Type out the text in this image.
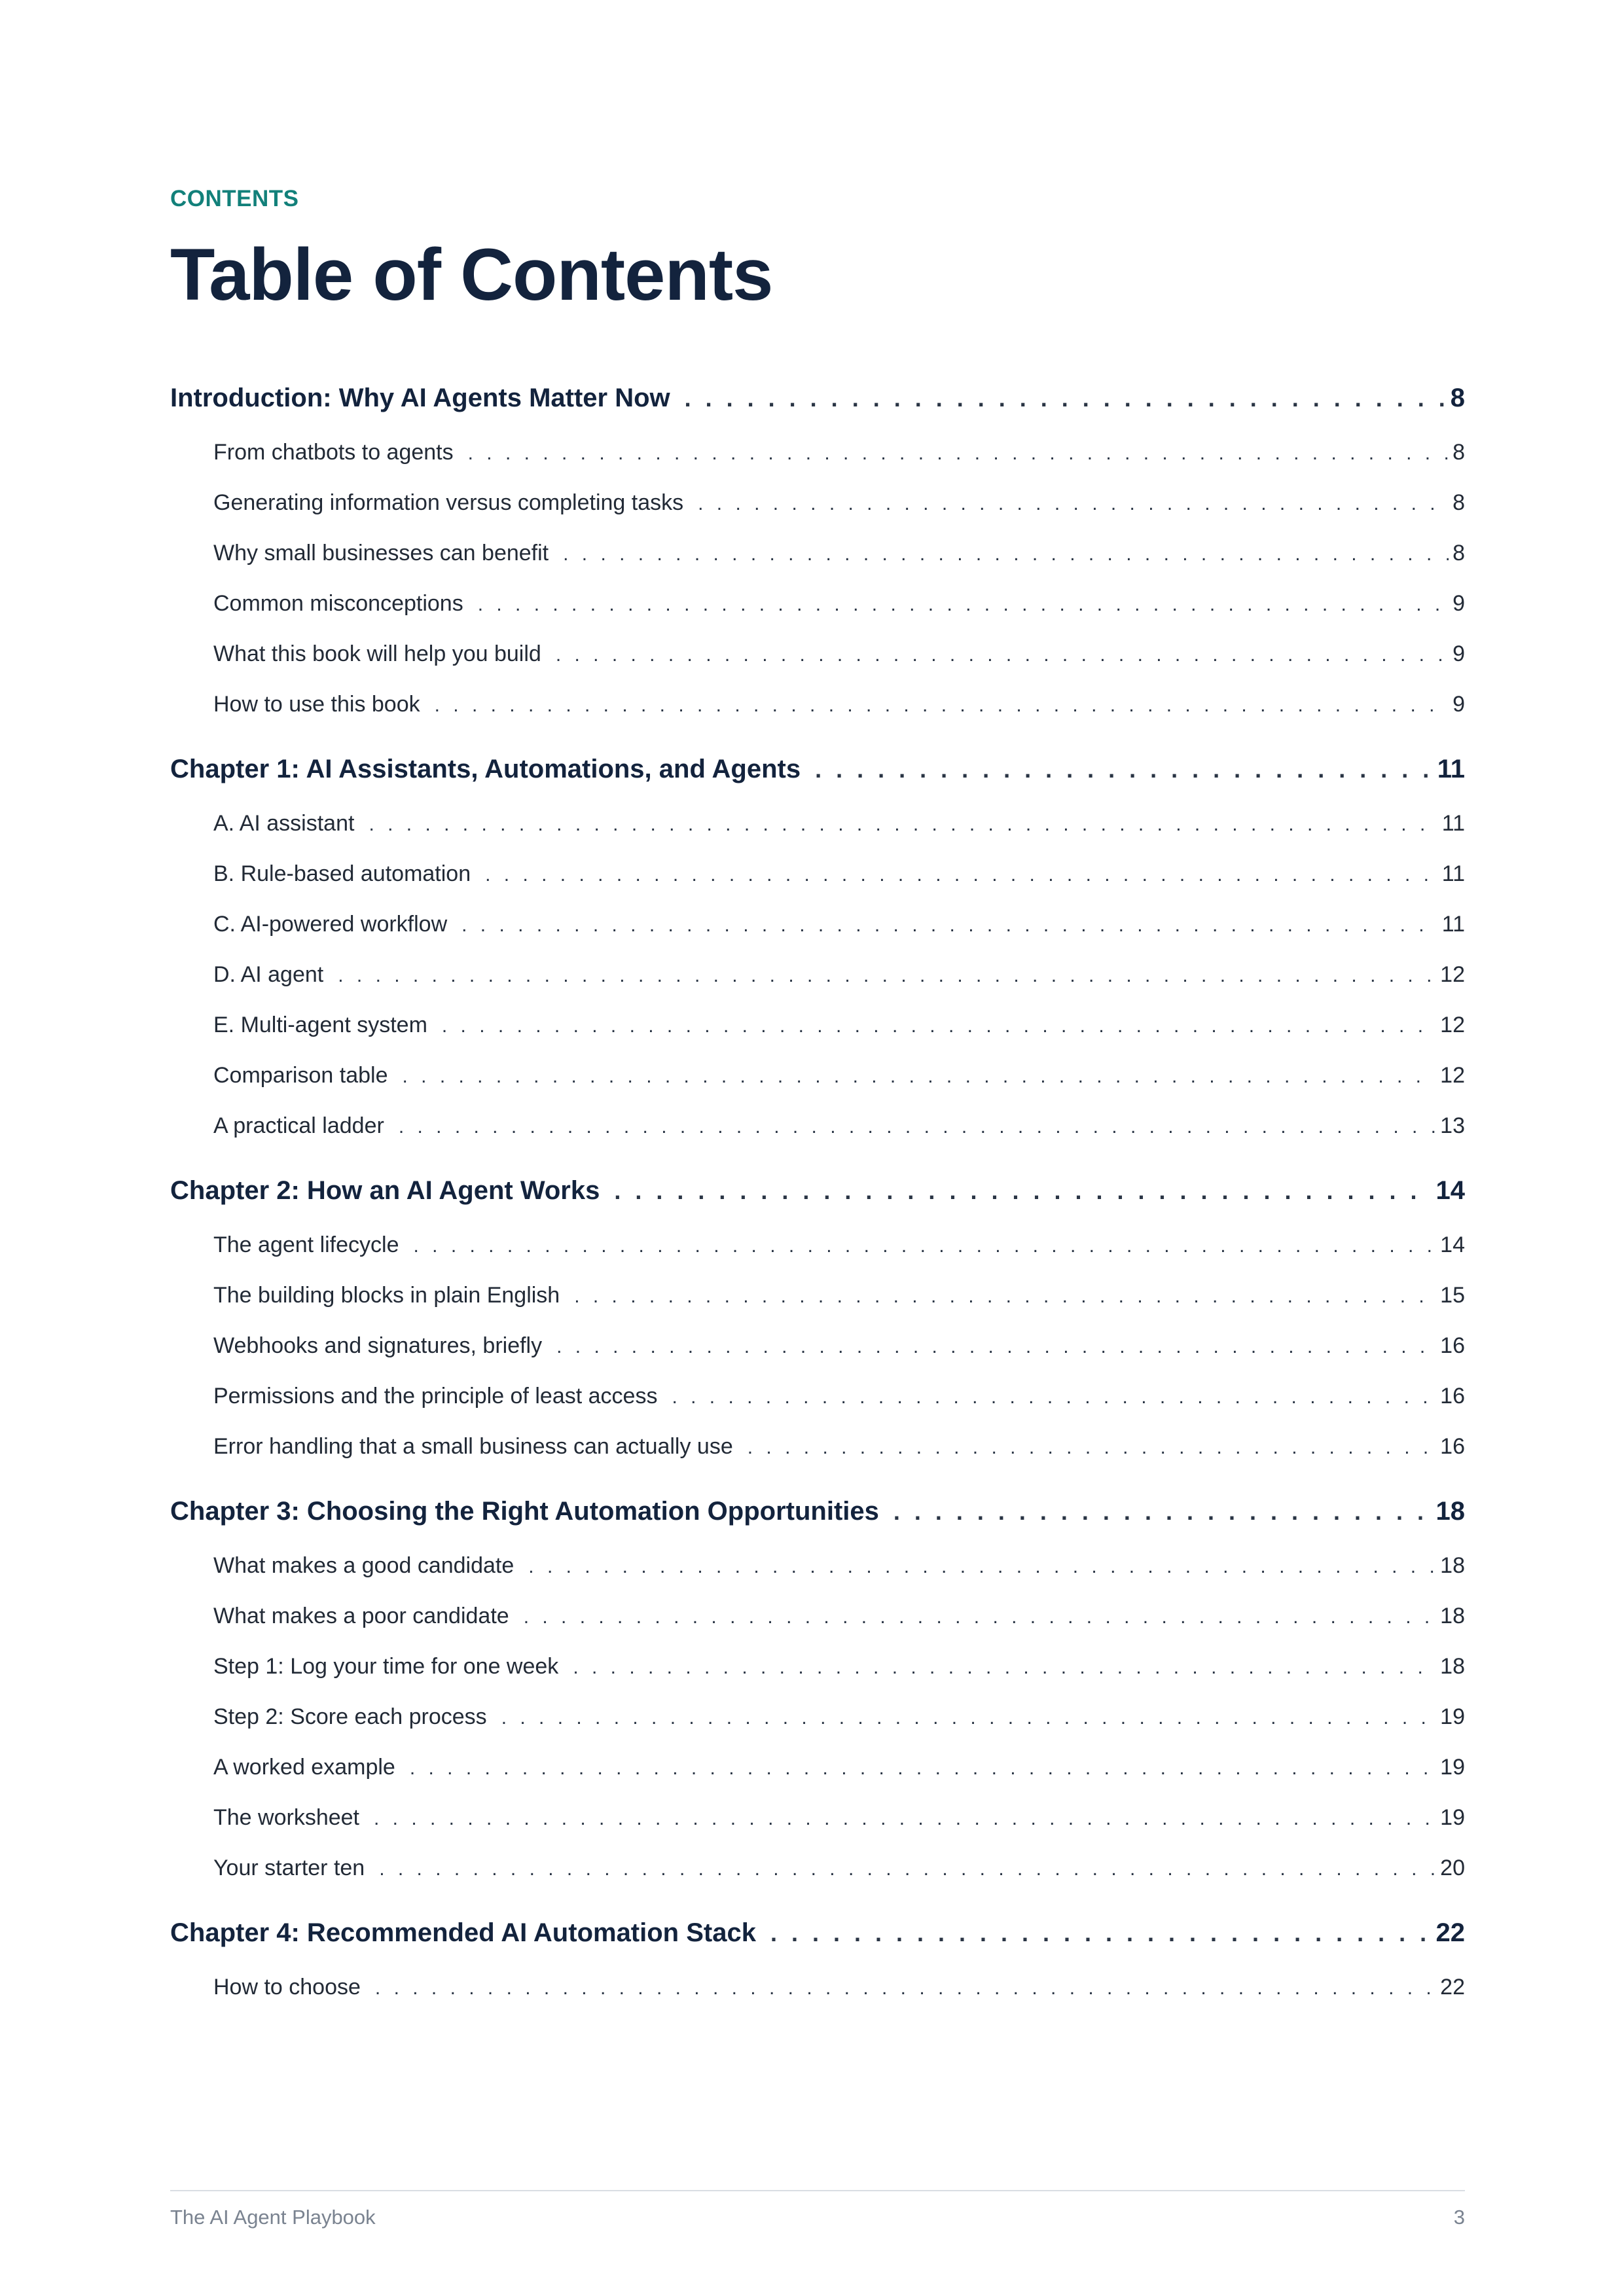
CONTENTS
Table of Contents
Introduction: Why AI Agents Matter Now . . .	8
From chatbots to agents . . .	8
Generating information versus completing tasks . . .	8
Why small businesses can benefit . . .	8
Common misconceptions . . .	9
What this book will help you build . . .	9
How to use this book . . .	9
Chapter 1: AI Assistants, Automations, and Agents . . .	11
A. AI assistant . . .	11
B. Rule-based automation . . .	11
C. AI-powered workflow . . .	11
D. AI agent . . .	12
E. Multi-agent system . . .	12
Comparison table . . .	12
A practical ladder . . .	13
Chapter 2: How an AI Agent Works . . .	14
The agent lifecycle . . .	14
The building blocks in plain English . . .	15
Webhooks and signatures, briefly . . .	16
Permissions and the principle of least access . . .	16
Error handling that a small business can actually use . . .	16
Chapter 3: Choosing the Right Automation Opportunities . . .	18
What makes a good candidate . . .	18
What makes a poor candidate . . .	18
Step 1: Log your time for one week . . .	18
Step 2: Score each process . . .	19
A worked example . . .	19
The worksheet . . .	19
Your starter ten . . .	20
Chapter 4: Recommended AI Automation Stack . . .	22
How to choose . . .	22
The AI Agent Playbook	3
